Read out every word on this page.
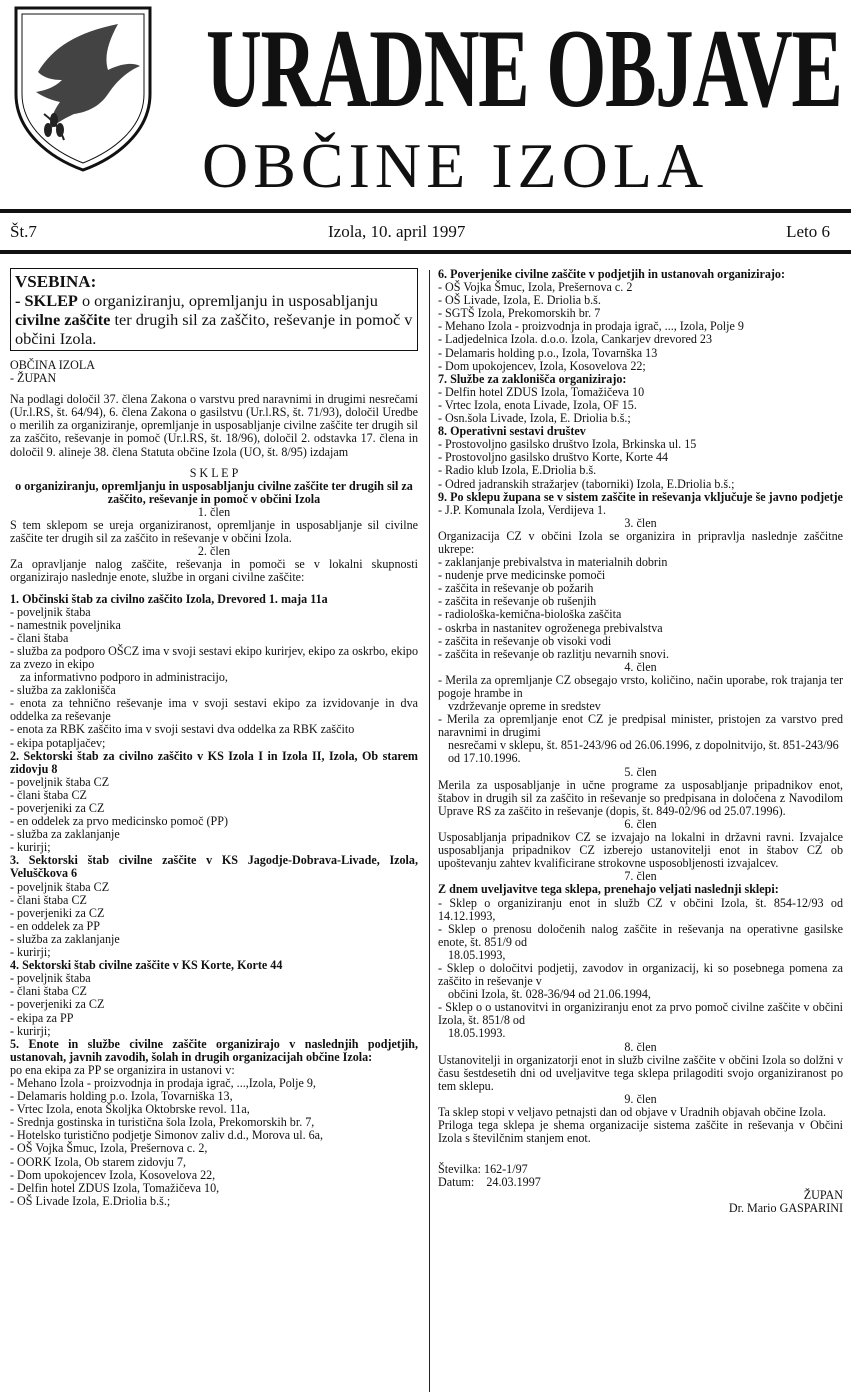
URADNE OBJAVE
OBČINE IZOLA
Št.7	Izola, 10. april 1997	Leto 6
VSEBINA:
- SKLEP o organiziranju, opremljanju in usposabljanju civilne zaščite ter drugih sil za zaščito, reševanje in pomoč v občini Izola.

OBČINA IZOLA

- ŽUPAN

Na podlagi določil 37. člena Zakona o varstvu pred naravnimi in drugimi nesrečami (Ur.l.RS, št. 64/94), 6. člena Zakona o gasilstvu (Ur.l.RS, št. 71/93), določil Uredbe o merilih za organiziranje, opremljanje in usposabljanje civilne zaščite ter drugih sil za zaščito, reševanje in pomoč (Ur.l.RS, št. 18/96), določil 2. odstavka 17. člena in določil 9. alineje 38. člena Statuta občine Izola (UO, št. 8/95) izdajam

S K L E P

o organiziranju, opremljanju in usposabljanju civilne zaščite ter drugih sil za zaščito, reševanje in pomoč v občini Izola

1. člen

S tem sklepom se ureja organiziranost, opremljanje in usposabljanje sil civilne zaščite ter drugih sil za zaščito in reševanje v občini Izola.

2. člen

Za opravljanje nalog zaščite, reševanja in pomoči se v lokalni skupnosti organizirajo naslednje enote, službe in organi civilne zaščite:

1. Občinski štab za civilno zaščito Izola, Drevored 1. maja 11a

- poveljnik štaba

- namestnik poveljnika

- člani štaba

- služba za podporo OŠCZ ima v svoji sestavi ekipo kurirjev, ekipo za oskrbo, ekipo za zvezo in ekipo

za informativno podporo in administracijo,

- služba za zaklonišča

- enota za tehnično reševanje ima v svoji sestavi ekipo za izvidovanje in dva oddelka za reševanje

- enota za RBK zaščito ima v svoji sestavi dva oddelka za RBK zaščito

- ekipa potapljačev;

2. Sektorski štab za civilno zaščito v KS Izola I in Izola II, Izola, Ob starem zidovju 8

- poveljnik štaba CZ

- člani štaba CZ

- poverjeniki za CZ

- en oddelek za prvo medicinsko pomoč (PP)

- služba za zaklanjanje

- kurirji;

3. Sektorski štab civilne zaščite v KS Jagodje-Dobrava-Livade, Izola, Veluščkova 6

- poveljnik štaba CZ

- člani štaba CZ

- poverjeniki za CZ

- en oddelek za PP

- služba za zaklanjanje

- kurirji;

4. Sektorski štab civilne zaščite v KS Korte, Korte 44

- poveljnik štaba

- člani štaba CZ

- poverjeniki za CZ

- ekipa za PP

- kurirji;

5. Enote in službe civilne zaščite organizirajo v naslednjih podjetjih, ustanovah, javnih zavodih, šolah in drugih organizacijah občine Izola:

po ena ekipa za PP se organizira in ustanovi v:

- Mehano Izola - proizvodnja in prodaja igrač, ...,Izola, Polje 9,

- Delamaris holding p.o. Izola, Tovarniška 13,

- Vrtec Izola, enota Školjka Oktobrske revol. 11a,

- Srednja gostinska in turistična šola Izola, Prekomorskih br. 7,

- Hotelsko turistično podjetje Simonov zaliv d.d., Morova ul. 6a,

- OŠ Vojka Šmuc, Izola, Prešernova c. 2,

- OORK Izola, Ob starem zidovju 7,

- Dom upokojencev Izola, Kosovelova 22,

- Delfin hotel ZDUS Izola, Tomažičeva 10,

- OŠ Livade Izola, E.Driolia b.š.;

6. Poverjenike civilne zaščite v podjetjih in ustanovah organizirajo:

- OŠ Vojka Šmuc, Izola, Prešernova c. 2

- OŠ Livade, Izola, E. Driolia b.š.

- SGTŠ Izola, Prekomorskih br. 7

- Mehano Izola - proizvodnja in prodaja igrač, ..., Izola, Polje 9

- Ladjedelnica Izola. d.o.o. Izola, Cankarjev drevored 23

- Delamaris holding p.o., Izola, Tovarnška 13

- Dom upokojencev, Izola, Kosovelova 22;

7. Službe za zaklonišča organizirajo:

- Delfin hotel ZDUS Izola, Tomažičeva 10

- Vrtec Izola, enota Livade, Izola, OF 15.

- Osn.šola Livade, Izola, E. Driolia b.š.;

8. Operativni sestavi društev

- Prostovoljno gasilsko društvo Izola, Brkinska ul. 15

- Prostovoljno gasilsko društvo Korte, Korte 44

- Radio klub Izola, E.Driolia b.š.

- Odred jadranskih stražarjev (taborniki) Izola, E.Driolia b.š.;

9. Po sklepu župana se v sistem zaščite in reševanja vključuje še javno podjetje

- J.P. Komunala Izola, Verdijeva 1.

3. člen

Organizacija CZ v občini Izola se organizira in pripravlja naslednje zaščitne ukrepe:

- zaklanjanje prebivalstva in materialnih dobrin

- nudenje prve medicinske pomoči

- zaščita in reševanje ob požarih

- zaščita in reševanje ob rušenjih

- radiološka-kemična-biološka zaščita

- oskrba in nastanitev ogroženega prebivalstva

- zaščita in reševanje ob visoki vodi

- zaščita in reševanje ob razlitju nevarnih snovi.

4. člen

- Merila za opremljanje CZ obsegajo vrsto, količino, način uporabe, rok trajanja ter pogoje hrambe in

vzdrževanje opreme in sredstev

- Merila za opremljanje enot CZ je predpisal minister, pristojen za varstvo pred naravnimi in drugimi

nesrečami v sklepu, št. 851-243/96 od 26.06.1996, z dopolnitvijo, št. 851-243/96 od 17.10.1996.

5. člen

Merila za usposabljanje in učne programe za usposabljanje pripadnikov enot, štabov in drugih sil za zaščito in reševanje so predpisana in določena z Navodilom Uprave RS za zaščito in reševanje (dopis, št. 849-02/96 od 25.07.1996).

6. člen

Usposabljanja pripadnikov CZ se izvajajo na lokalni in državni ravni. Izvajalce usposabljanja pripadnikov CZ izberejo ustanovitelji enot in štabov CZ ob upoštevanju zahtev kvalificirane strokovne usposobljenosti izvajalcev.

7. člen

Z dnem uveljavitve tega sklepa, prenehajo veljati naslednji sklepi:

- Sklep o organiziranju enot in služb CZ v občini Izola, št. 854-12/93 od 14.12.1993,

- Sklep o prenosu določenih nalog zaščite in reševanja na operativne gasilske enote, št. 851/9 od

18.05.1993,

- Sklep o določitvi podjetij, zavodov in organizacij, ki so posebnega pomena za zaščito in reševanje v

občini Izola, št. 028-36/94 od 21.06.1994,

- Sklep o o ustanovitvi in organiziranju enot za prvo pomoč civilne zaščite v občini Izola, št. 851/8 od

18.05.1993.

8. člen

Ustanovitelji in organizatorji enot in služb civilne zaščite v občini Izola so dolžni v času šestdesetih dni od uveljavitve tega sklepa prilagoditi svojo organiziranost po tem sklepu.

9. člen

Ta sklep stopi v veljavo petnajsti dan od objave v Uradnih objavah občine Izola.

Priloga tega sklepa je shema organizacije sistema zaščite in reševanja v Občini Izola s številčnim stanjem enot.

Številka: 162-1/97

Datum:    24.03.1997

ŽUPAN

Dr. Mario GASPARINI
